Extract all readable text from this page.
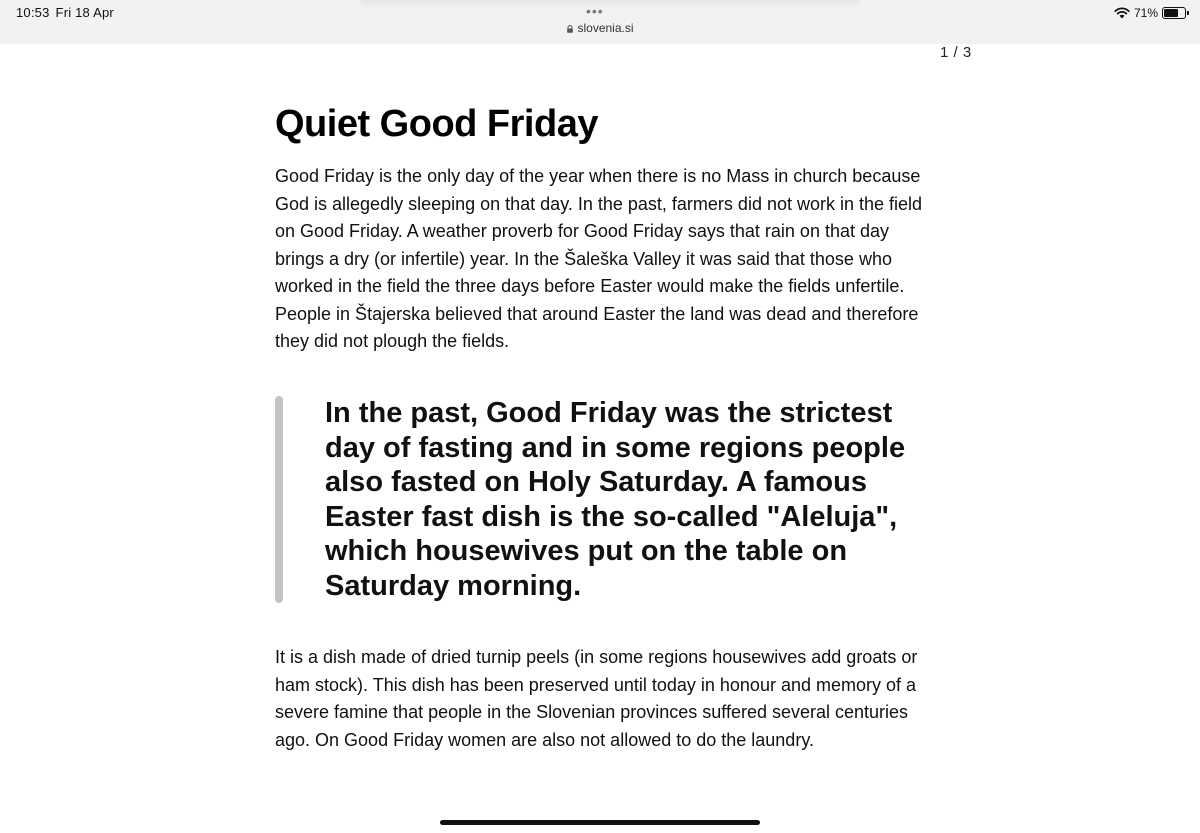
10:53 Fri 18 Apr	•••
slovenia.si
71%
1 / 3
Quiet Good Friday

Good Friday is the only day of the year when there is no Mass in church because God is allegedly sleeping on that day. In the past, farmers did not work in the field on Good Friday. A weather proverb for Good Friday says that rain on that day brings a dry (or infertile) year. In the Šaleška Valley it was said that those who worked in the field the three days before Easter would make the fields unfertile. People in Štajerska believed that around Easter the land was dead and therefore they did not plough the fields.

In the past, Good Friday was the strictest day of fasting and in some regions people also fasted on Holy Saturday. A famous Easter fast dish is the so-called "Aleluja", which housewives put on the table on Saturday morning.

It is a dish made of dried turnip peels (in some regions housewives add groats or ham stock). This dish has been preserved until today in honour and memory of a severe famine that people in the Slovenian provinces suffered several centuries ago. On Good Friday women are also not allowed to do the laundry.
